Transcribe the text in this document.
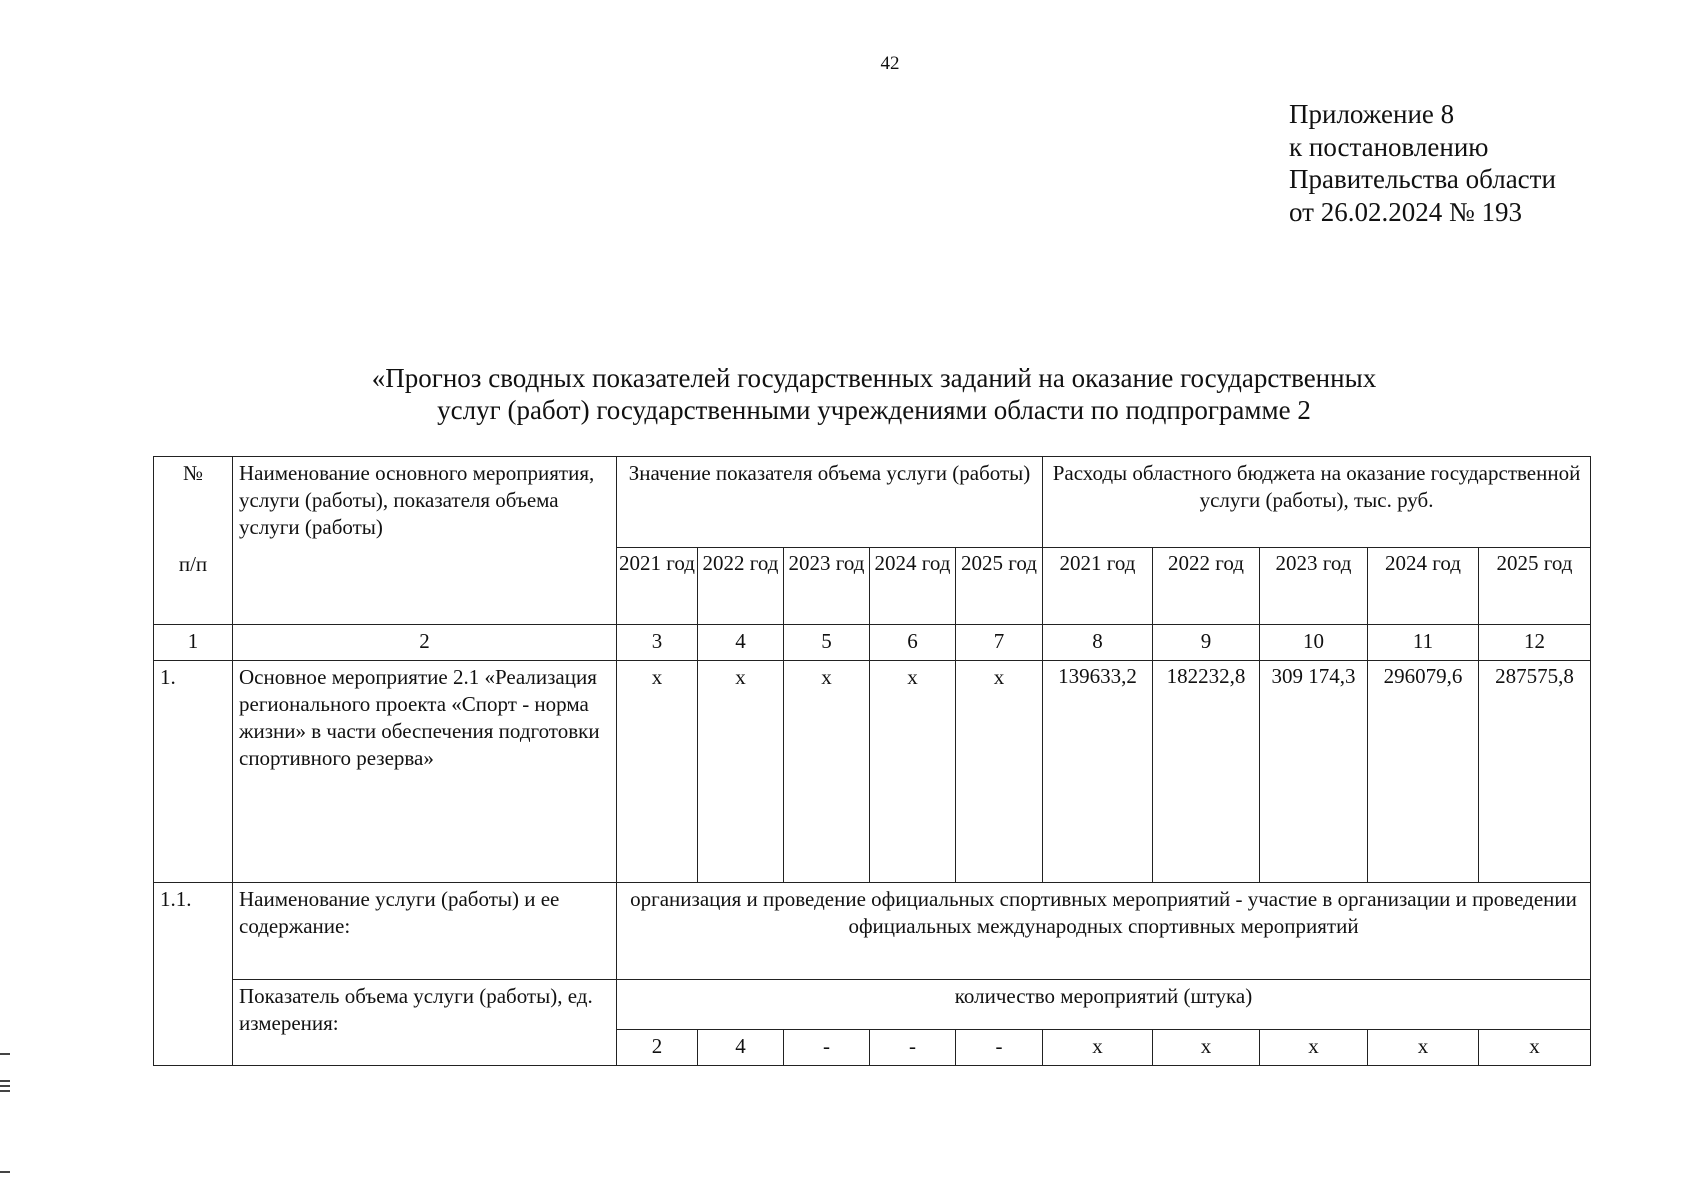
42
Приложение 8
к постановлению
Правительства области
от 26.02.2024 № 193
«Прогноз сводных показателей государственных заданий на оказание государственных
услуг (работ) государственными учреждениями области по подпрограмме 2
№	Наименование основного мероприятия, услуги (работы), показателя объема услуги (работы)	Значение показателя объема услуги (работы)					Расходы областного бюджета на оказание государственной услуги (работы), тыс. руб.				
п/п		2021 год	2022 год	2023 год	2024 год	2025 год	2021 год	2022 год	2023 год	2024 год	2025 год
1	2	3	4	5	6	7	8	9	10	11	12
1.	Основное мероприятие 2.1 «Реализация регионального проекта «Спорт - норма жизни» в части обеспечения подготовки спортивного резерва»	х	х	х	х	х	139633,2	182232,8	309 174,3	296079,6	287575,8
1.1.	Наименование услуги (работы) и ее содержание:	организация и проведение официальных спортивных мероприятий - участие в организации и проведении официальных международных спортивных мероприятий									
	Показатель объема услуги (работы), ед. измерения:	количество мероприятий (штука)									
		2	4	-	-	-	х	х	х	х	х
